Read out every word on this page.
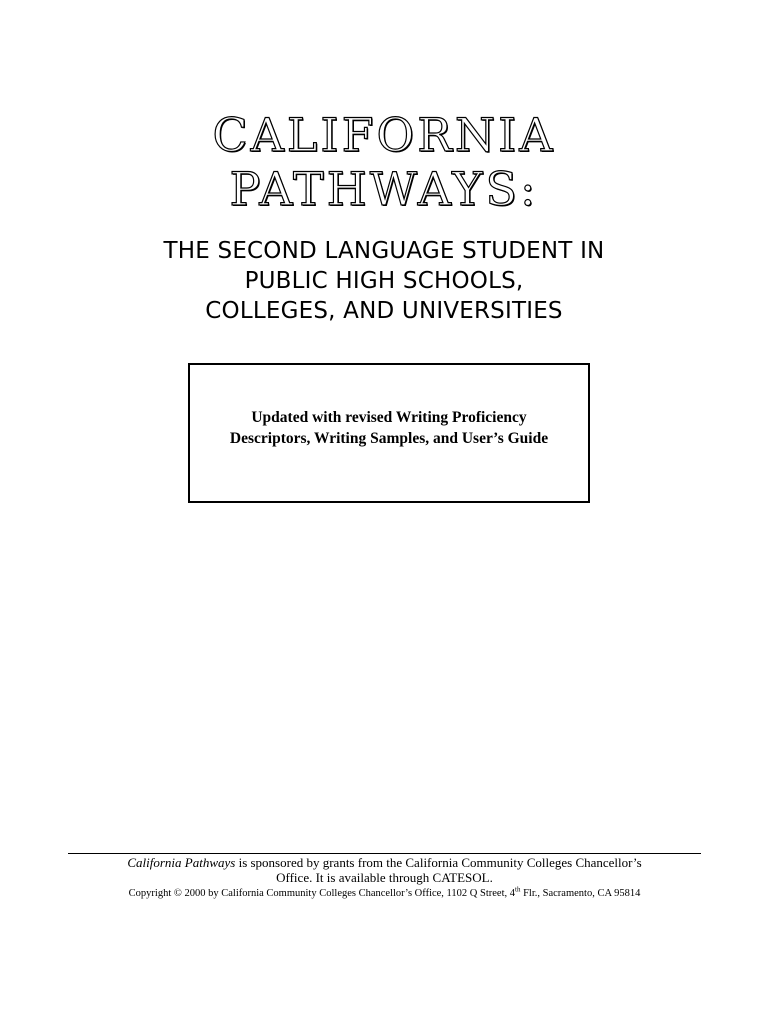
CALIFORNIA
PATHWAYS:
THE SECOND LANGUAGE STUDENT IN
PUBLIC HIGH SCHOOLS,
COLLEGES, AND UNIVERSITIES
Updated with revised Writing Proficiency
Descriptors, Writing Samples, and User’s Guide
California Pathways is sponsored by grants from the California Community Colleges Chancellor’s
Office. It is available through CATESOL.
Copyright © 2000 by California Community Colleges Chancellor’s Office, 1102 Q Street, 4th Flr., Sacramento, CA 95814
